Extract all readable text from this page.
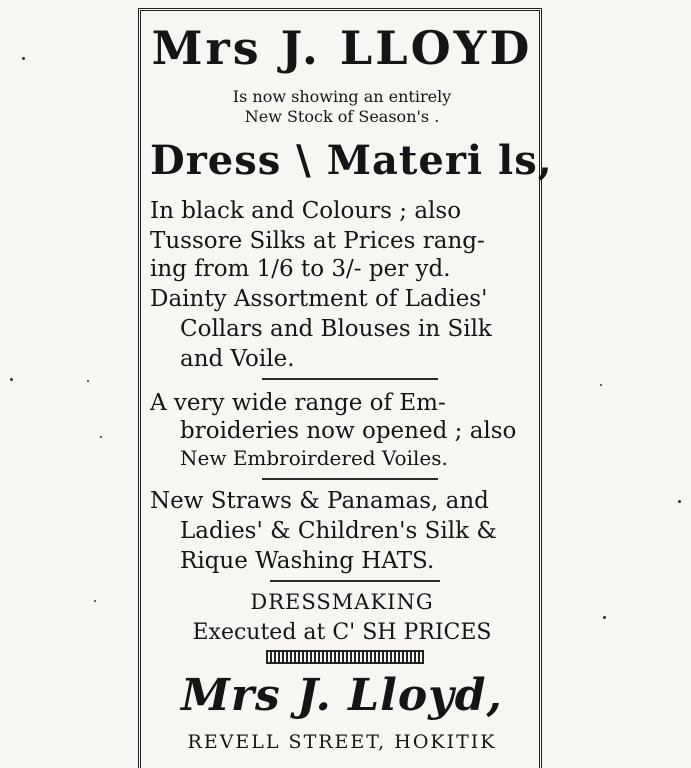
Mrs J. LLOYD
Is now showing an entirely
New Stock of Season's .
Dress \ Materi ls,
In black and Colours ; also
Tussore Silks at Prices rang-
ing from 1/6 to 3/- per yd.
Dainty Assortment of Ladies'
Collars and Blouses in Silk
and Voile.
A very wide range of Em-
broideries now opened ; also
New Embroirdered Voiles.
New Straws & Panamas, and
Ladies' & Children's Silk &
Rique Washing HATS.
DRESSMAKING
Executed at C' SH PRICES
Mrs J. Lloyd,
REVELL STREET, HOKITIK
